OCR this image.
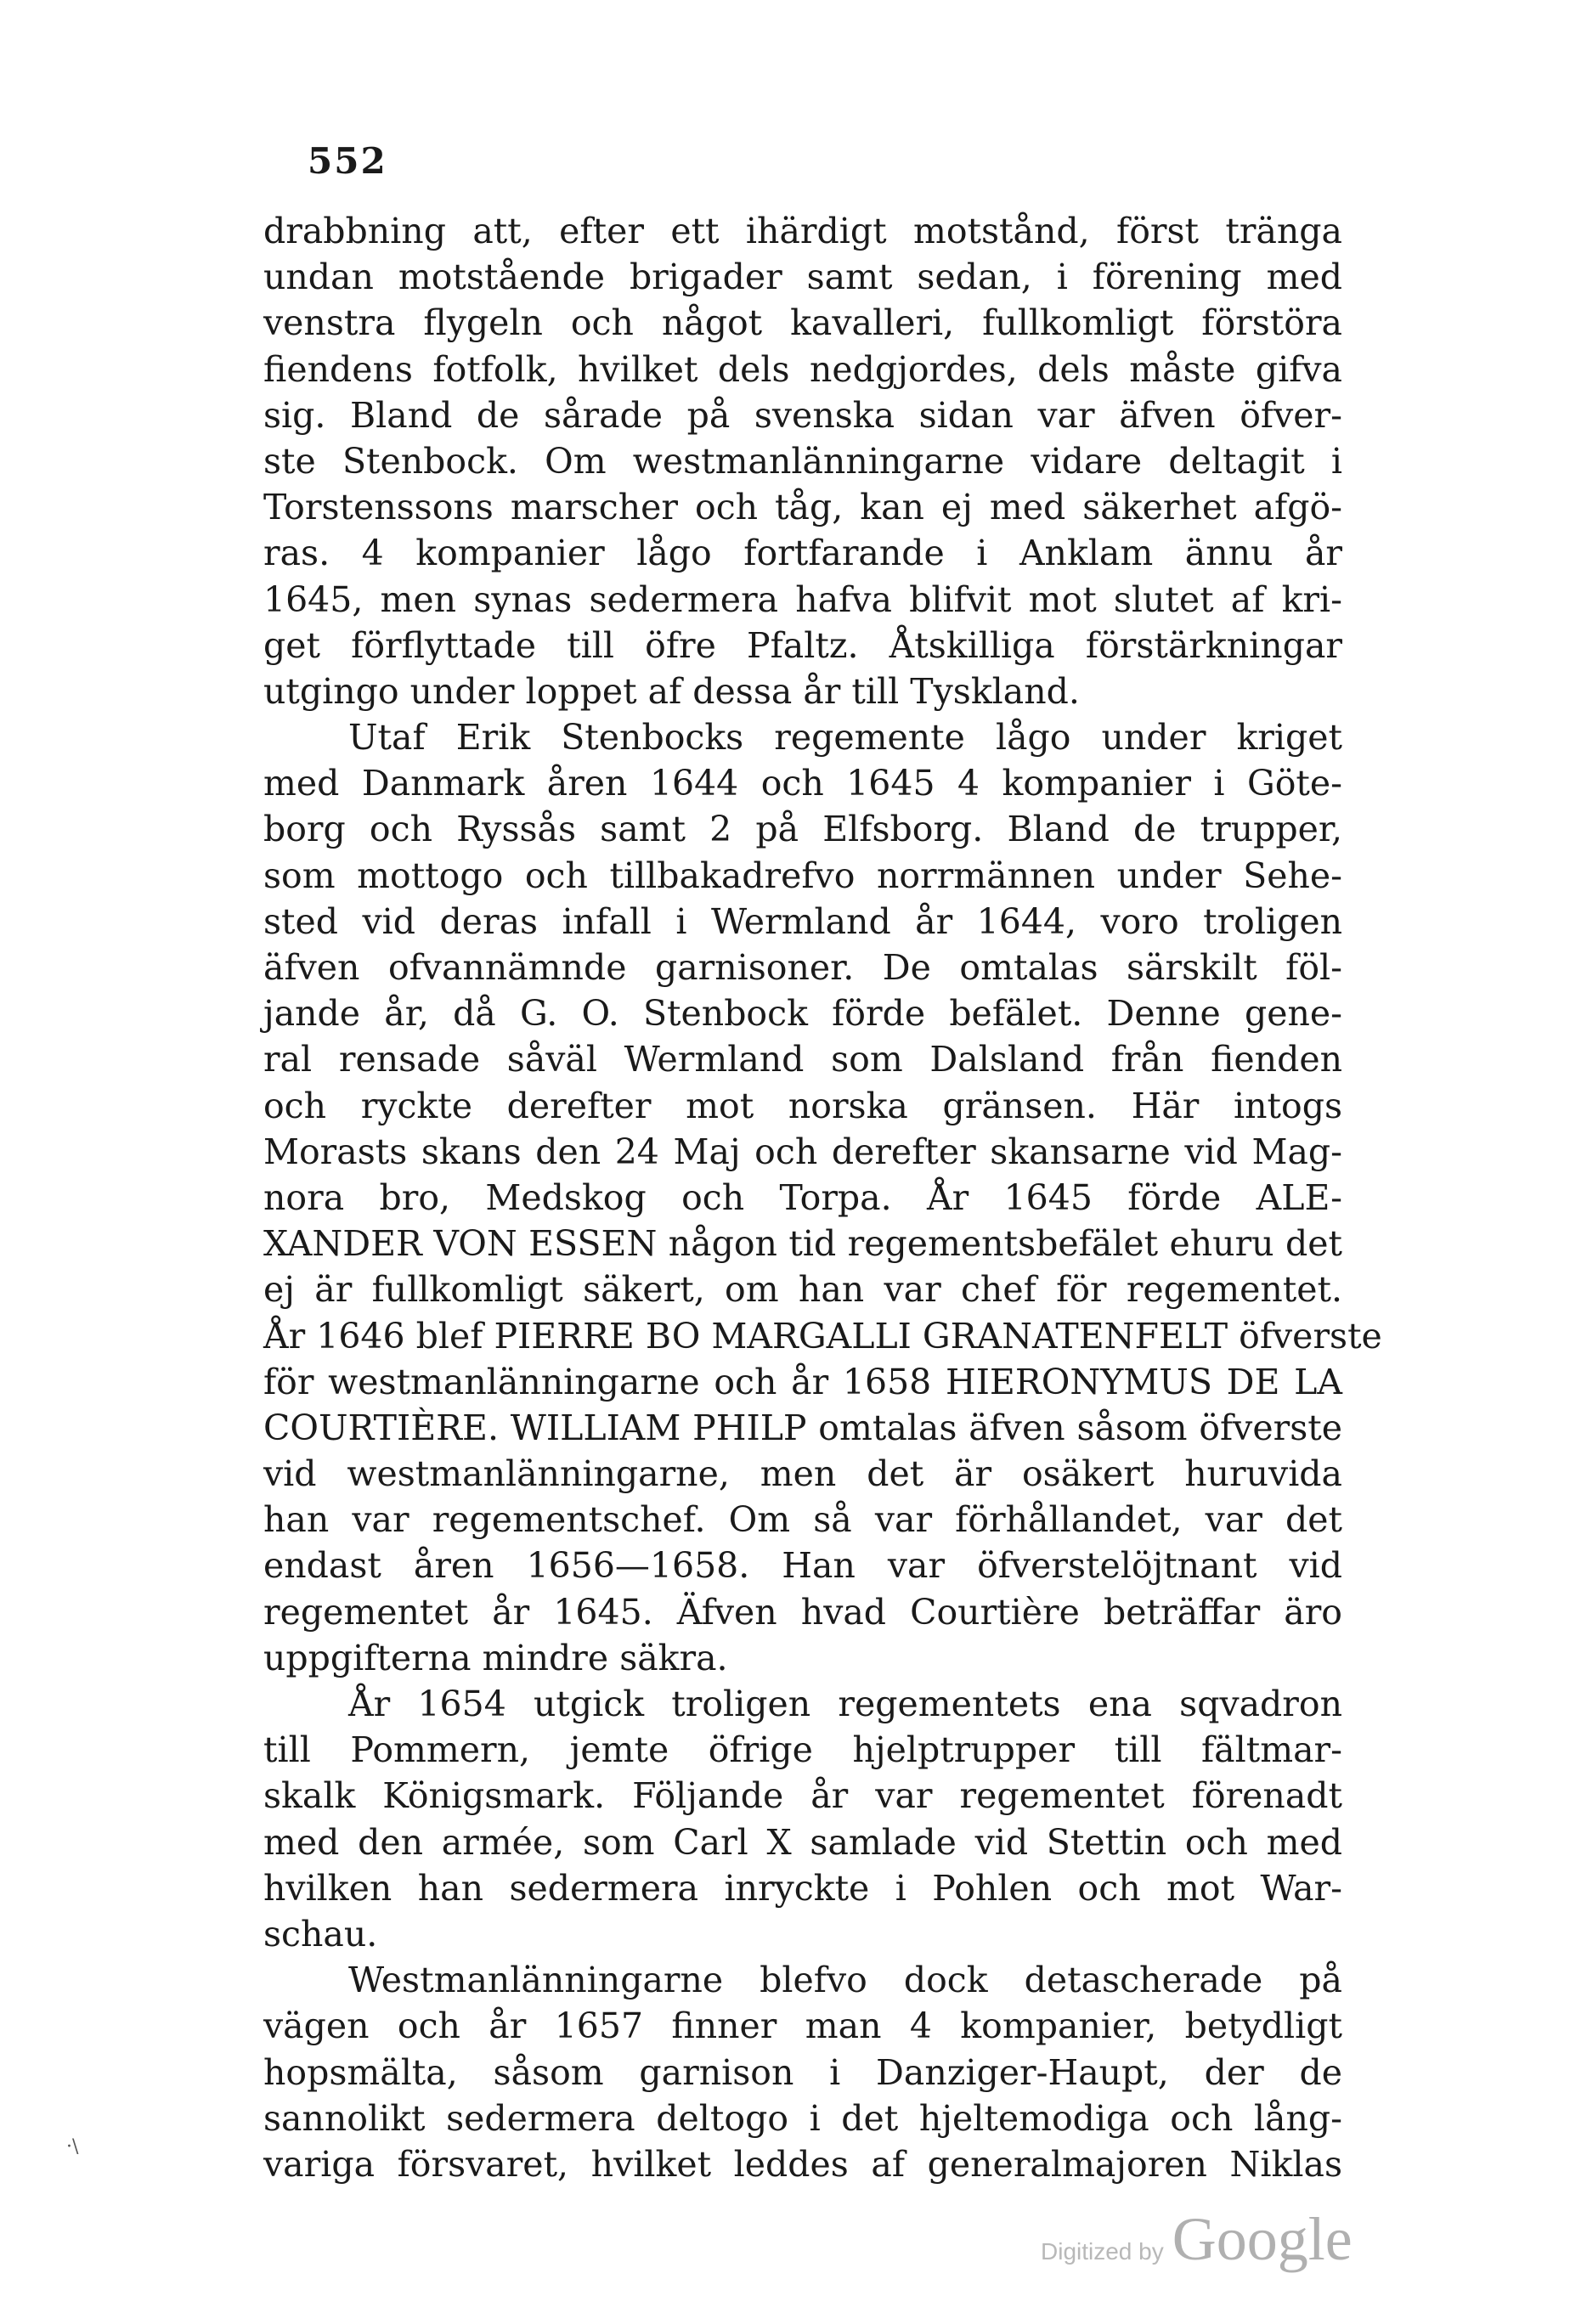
552
drabbning att, efter ett ihärdigt motstånd, först tränga
undan motstående brigader samt sedan, i förening med
venstra flygeln och något kavalleri, fullkomligt förstöra
fiendens fotfolk, hvilket dels nedgjordes, dels måste gifva
sig. Bland de sårade på svenska sidan var äfven öfver-
ste Stenbock. Om westmanlänningarne vidare deltagit i
Torstenssons marscher och tåg, kan ej med säkerhet afgö-
ras. 4 kompanier lågo fortfarande i Anklam ännu år
1645, men synas sedermera hafva blifvit mot slutet af kri-
get förflyttade till öfre Pfaltz. Åtskilliga förstärkningar
utgingo under loppet af dessa år till Tyskland.
Utaf Erik Stenbocks regemente lågo under kriget
med Danmark åren 1644 och 1645 4 kompanier i Göte-
borg och Ryssås samt 2 på Elfsborg. Bland de trupper,
som mottogo och tillbakadrefvo norrmännen under Sehe-
sted vid deras infall i Wermland år 1644, voro troligen
äfven ofvannämnde garnisoner. De omtalas särskilt föl-
jande år, då G. O. Stenbock förde befälet. Denne gene-
ral rensade såväl Wermland som Dalsland från fienden
och ryckte derefter mot norska gränsen. Här intogs
Morasts skans den 24 Maj och derefter skansarne vid Mag-
nora bro, Medskog och Torpa. År 1645 förde ALE-
XANDER VON ESSEN någon tid regementsbefälet ehuru det
ej är fullkomligt säkert, om han var chef för regementet.
År 1646 blef PIERRE BO MARGALLI GRANATENFELT öfverste
för westmanlänningarne och år 1658 HIERONYMUS DE LA
COURTIÈRE. WILLIAM PHILP omtalas äfven såsom öfverste
vid westmanlänningarne, men det är osäkert huruvida
han var regementschef. Om så var förhållandet, var det
endast åren 1656—1658. Han var öfverstelöjtnant vid
regementet år 1645. Äfven hvad Courtière beträffar äro
uppgifterna mindre säkra.
År 1654 utgick troligen regementets ena sqvadron
till Pommern, jemte öfrige hjelptrupper till fältmar-
skalk Königsmark. Följande år var regementet förenadt
med den armée, som Carl X samlade vid Stettin och med
hvilken han sedermera inryckte i Pohlen och mot War-
schau.
Westmanlänningarne blefvo dock detascherade på
vägen och år 1657 finner man 4 kompanier, betydligt
hopsmälta, såsom garnison i Danziger-Haupt, der de
sannolikt sedermera deltogo i det hjeltemodiga och lång-
variga försvaret, hvilket leddes af generalmajoren Niklas
·\
Digitized by Google
